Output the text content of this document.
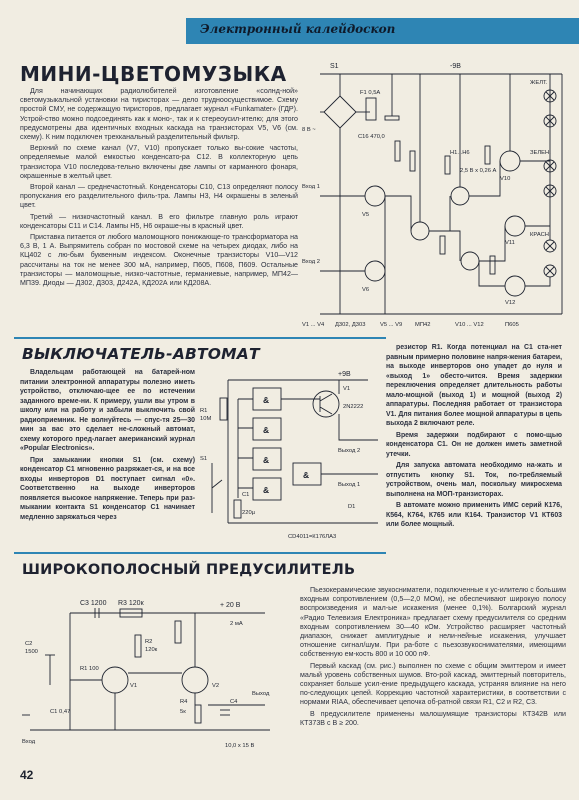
Электронный калейдоскоп
МИНИ-ЦВЕТОМУЗЫКА

Для начинающих радиолюбителей изготовление «солнд-ной» светомузыкальной установки на тиристорах — дело трудноосуществимое. Схему простой СМУ, не содержащую тиристоров, предлагает журнал «Funkamater» (ГДР). Устрой-ство можно подсоединять как к моно-, так и к стереоусил-ителю; для этого предусмотрены два идентичных входных каскада на транзисторах V5, V6 (см. схему). К ним подключен трехканальный разделительный фильтр.

Верхний по схеме канал (V7, V10) пропускает только вы-сокие частоты, определяемые малой емкостью конденсато-ра C12. В коллекторную цепь транзистора V10 последова-тельно включены две лампы от карманного фонаря, окрашенные в желтый цвет.

Второй канал — среднечастотный. Конденсаторы C10, C13 определяют полосу пропускания его разделительного филь-тра. Лампы H3, H4 окрашены в зеленый цвет.

Третий — низкочастотный канал. В его фильтре главную роль играют конденсаторы C11 и C14. Лампы H5, H6 окраше-ны в красный цвет.

Приставка питается от любого маломощного понижающе-го трансформатора на 6,3 В, 1 А. Выпрямитель собран по мостовой схеме на четырех диодах, либо на КЦ402 с лю-бым буквенным индексом. Оконечные транзисторы V10—V12 рассчитаны на ток не менее 300 мА, например, П605, П608, П609. Остальные транзисторы — маломощные, низко-частотные, германиевые, например, МП42—МП39. Диоды — Д302, Д303, Д242А, КД202А или КД208А.

S1
8 В ~
F1 0,5A
C16 470,0
-9В
ЖЕЛТ.
ЗЕЛЕН.
КРАСН.
2,5 В x 0,26 А
H1...H6
Вход 1
Вход 2
V5
V6
V10
V11
V12
V1 ... V4 Д302, Д303	V5 ... V9 МП42	V10 ... V12	П605
ВЫКЛЮЧАТЕЛЬ-АВТОМАТ

Владельцам работающей на батарей-ном питании электронной аппаратуры полезно иметь устройство, отключаю-щее ее по истечении заданного време-ни. К примеру, ушли вы утром в школу или на работу и забыли выключить свой радиоприемник. Не волнуйтесь — спус-тя 25—30 мин за вас это сделает не-сложный автомат, схему которого пред-лагает американский журнал «Popular Electronics».

При замыкании кнопки S1 (см. схему) конденсатор C1 мгновенно разряжает-ся, и на все входы инверторов D1 поступает сигнал «0». Соответственно на выходе инверторов появляется высокое напряжение. Теперь при раз-мыкании контакта S1 конденсатор C1 начинает медленно заряжаться через

резистор R1. Когда потенциал на C1 ста-нет равным примерно половине напря-жения батареи, на выходе инверторов оно упадет до нуля и «выход 1» обесто-чится. Время задержки переключения определяет длительность работы мало-мощной (выход 1) и мощной (выход 2) аппаратуры. Последняя работает от транзистора V1. Для питания более мощной аппаратуры в цепь выхода 2 включают реле.

Время задержки подбирают с помо-щью конденсатора C1. Он не должен иметь заметной утечки.

Для запуска автомата необходимо на-жать и отпустить кнопку S1. Ток, по-требляемый устройством, очень мал, поскольку микросхема выполнена на МОП-транзисторах.

В автомате можно применить ИМС серий К176, К564, К764, К765 или К164. Транзистор V1 КТ603 или более мощный.

+9В
V1
2N2222
R1
10М
S1
C1
220µ
D1
CD4011=К176ЛА3
Выход 2
Выход 1
&
&
&
&
&
ШИРОКОПОЛОСНЫЙ ПРЕДУСИЛИТЕЛЬ
C3 1200 R3 120к	+ 20 В
2 мА
C2
1500
R2
120к
R1 100
V1	V2
C1 0,47
Вход
R4
5к
C4
10,0 x 15 В
Выход

Пьезокерамические звукосниматели, подключенные к ус-илителю с большим входным сопротивлением (0,5—2,0 МОм), не обеспечивают широкую полосу воспроизведения и мал-ые искажения (менее 0,1%). Болгарский журнал «Радио Телевизия Електроника» предлагает схему предусилителя со средним входным сопротивлением 30—40 кОм. Устройство расширяет частотный диапазон, снижает амплитудные и нели-нейные искажения, улучшает отношение сигнал/шум. При ра-боте с пьезозвукоснимателями, имеющими собственную ем-кость 800 и 10 000 пФ.

Первый каскад (см. рис.) выполнен по схеме с общим эмиттером и имеет малый уровень собственных шумов. Вто-рой каскад, эмиттерный повторитель, сохраняет больше усил-ение предыдущего каскада, устраняя влияние на него по-следующих цепей. Коррекцию частотной характеристики, в соответствии с нормами RIAA, обеспечивает цепочка об-ратной связи R1, C2 и R2, C3.

В предусилителе применены малошумящие транзисторы КТ342В или КТ373В с В ≥ 200.

42
